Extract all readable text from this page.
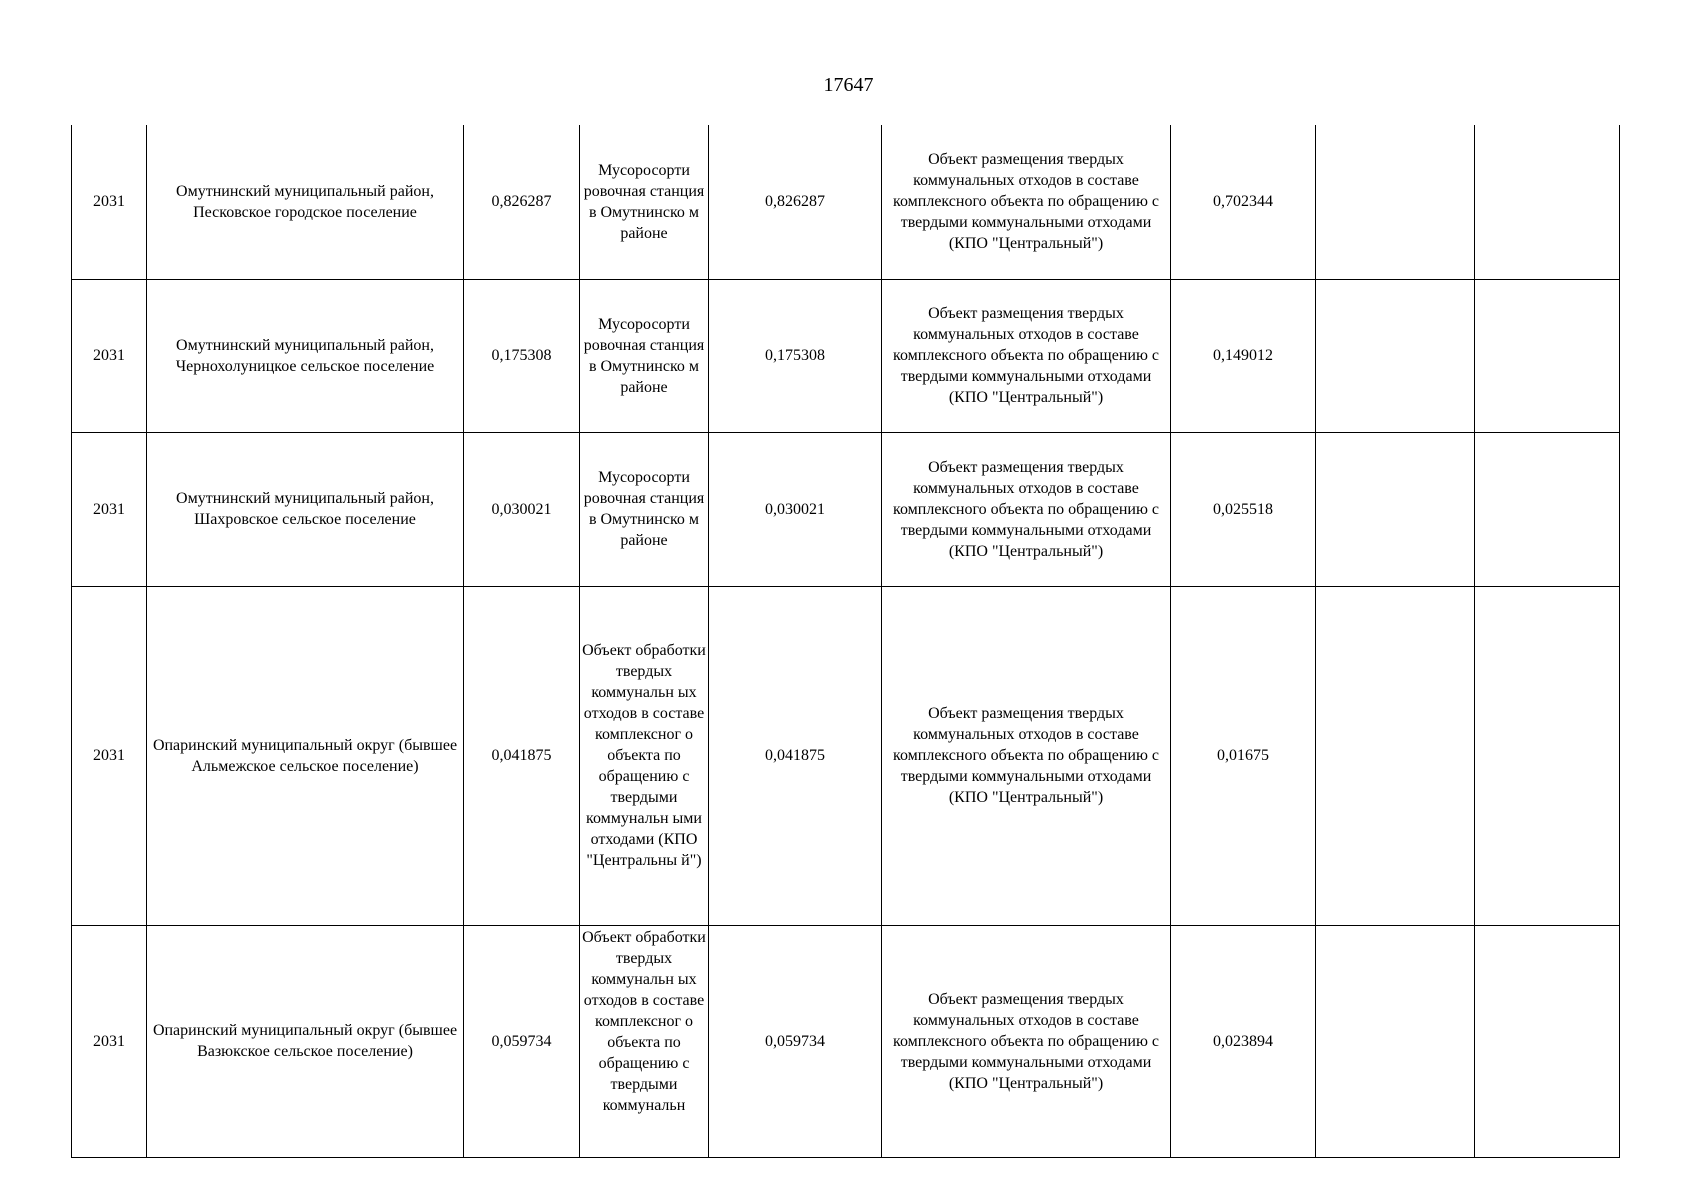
17647
2031	Омутнинский муниципальный район, Песковское городское поселение	0,826287	Мусоросорти ровочная станция в Омутнинско м районе	0,826287	Объект размещения твердых коммунальных отходов в составе комплексного объекта по обращению с твердыми коммунальными отходами (КПО "Центральный")	0,702344		
2031	Омутнинский муниципальный район, Чернохолуницкое сельское поселение	0,175308	Мусоросорти ровочная станция в Омутнинско м районе	0,175308	Объект размещения твердых коммунальных отходов в составе комплексного объекта по обращению с твердыми коммунальными отходами (КПО "Центральный")	0,149012		
2031	Омутнинский муниципальный район, Шахровское сельское поселение	0,030021	Мусоросорти ровочная станция в Омутнинско м районе	0,030021	Объект размещения твердых коммунальных отходов в составе комплексного объекта по обращению с твердыми коммунальными отходами (КПО "Центральный")	0,025518		
2031	Опаринский муниципальный округ (бывшее Альмежское сельское поселение)	0,041875	Объект обработки твердых коммунальн ых отходов в составе комплексног о объекта по обращению с твердыми коммунальн ыми отходами (КПО "Центральны й")	0,041875	Объект размещения твердых коммунальных отходов в составе комплексного объекта по обращению с твердыми коммунальными отходами (КПО "Центральный")	0,01675		
2031	Опаринский муниципальный округ (бывшее Вазюкское сельское поселение)	0,059734	Объект обработки твердых коммунальн ых отходов в составе комплексног о объекта по обращению с твердыми коммунальн	0,059734	Объект размещения твердых коммунальных отходов в составе комплексного объекта по обращению с твердыми коммунальными отходами (КПО "Центральный")	0,023894		
